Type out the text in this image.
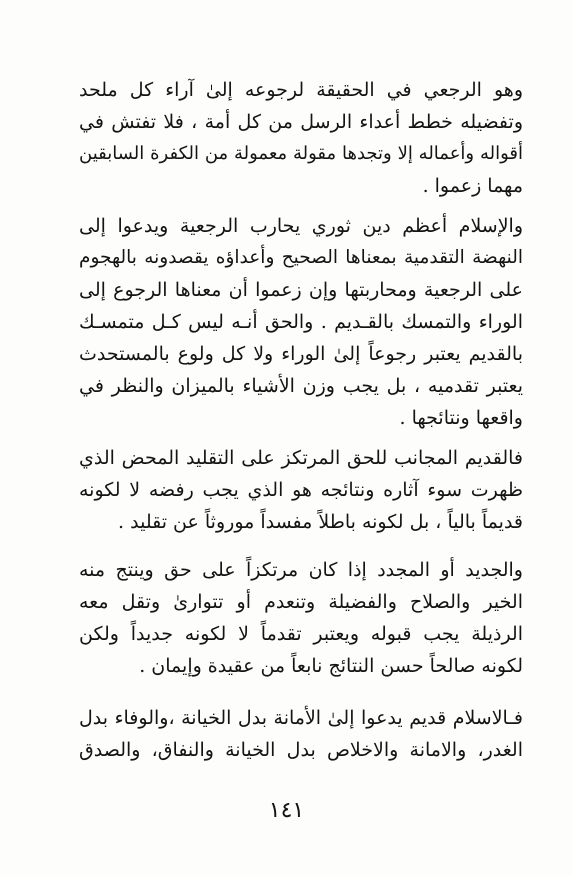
وهو الرجعي في الحقيقة لرجوعه إلىٰ آراء كل ملحد
وتفضيله خطط أعداء الرسل من كل أمة ، فلا تفتش في
أقواله وأعماله إلا وتجدها مقولة معمولة من الكفرة السابقين
مهما زعموا .
والإسلام أعظم دين ثوري يحارب الرجعية ويدعوا إلى
النهضة التقدمية بمعناها الصحيح وأعداؤه يقصدونه بالهجوم
على الرجعية ومحاربتها وإن زعموا أن معناها الرجوع إلى
الوراء والتمسك بالقـديم . والحق أنـه ليس كـل متمسـك
بالقديم يعتبر رجوعاً إلىٰ الوراء ولا كل ولوع بالمستحدث
يعتبر تقدميه ، بل يجب وزن الأشياء بالميزان والنظر في
واقعها ونتائجها .
فالقديم المجانب للحق المرتكز على التقليد المحض الذي
ظهرت سوء آثاره ونتائجه هو الذي يجب رفضه لا لكونه
قديماً بالياً ، بل لكونه باطلاً مفسداً موروثاً عن تقليد .
والجديد أو المجدد إذا كان مرتكزاً على حق وينتج منه
الخير والصلاح والفضيلة وتنعدم أو تتوارىٰ وتقل معه
الرذيلة يجب قبوله ويعتبر تقدماً لا لكونه جديداً ولكن
لكونه صالحاً حسن النتائج نابعاً من عقيدة وإيمان .
فـالاسلام قديم يدعوا إلىٰ الأمانة بدل الخيانة ،والوفاء بدل
الغدر، والامانة والاخلاص بدل الخيانة والنفاق، والصدق
١٤١
